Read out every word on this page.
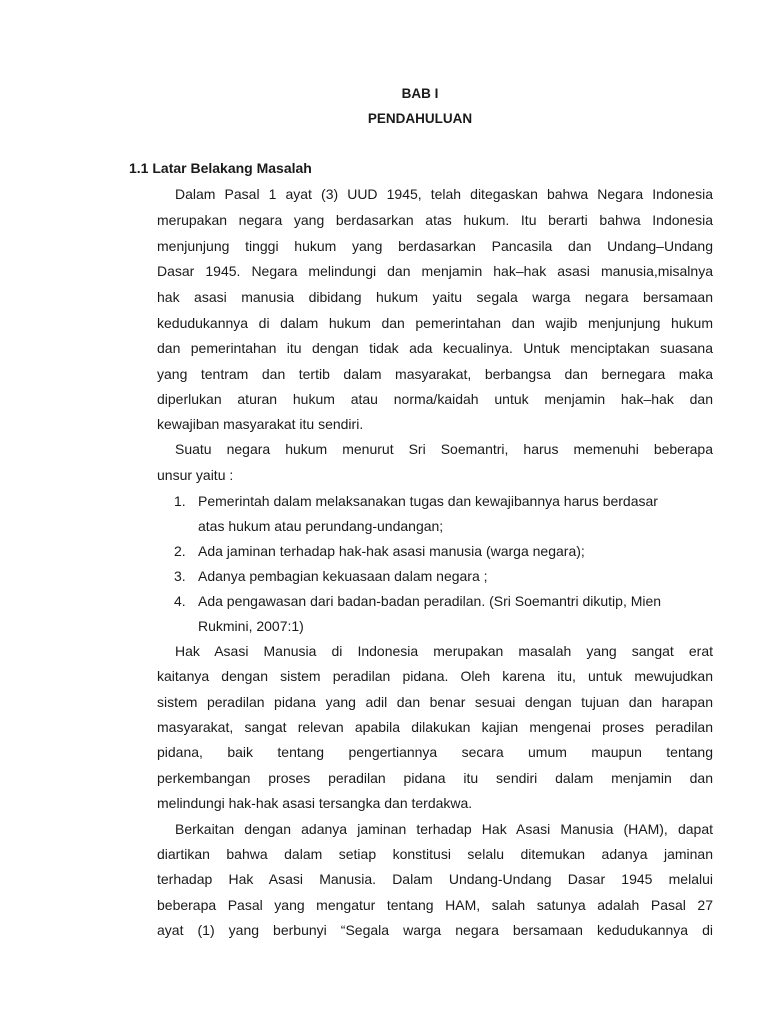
BAB I
PENDAHULUAN
1.1 Latar Belakang Masalah
Dalam Pasal 1 ayat (3) UUD 1945, telah ditegaskan bahwa Negara Indonesia
merupakan negara yang berdasarkan atas hukum. Itu berarti bahwa Indonesia
menjunjung tinggi hukum yang berdasarkan Pancasila dan Undang–Undang
Dasar 1945. Negara melindungi dan menjamin hak–hak asasi manusia,misalnya
hak asasi manusia dibidang hukum yaitu segala warga negara bersamaan
kedudukannya di dalam hukum dan pemerintahan dan wajib menjunjung hukum
dan pemerintahan itu dengan tidak ada kecualinya. Untuk menciptakan suasana
yang tentram dan tertib dalam masyarakat, berbangsa dan bernegara maka
diperlukan aturan hukum atau norma/kaidah untuk menjamin hak–hak dan
kewajiban masyarakat itu sendiri.
Suatu negara hukum menurut Sri Soemantri, harus memenuhi beberapa
unsur yaitu :
1. Pemerintah dalam melaksanakan tugas dan kewajibannya harus berdasar
atas hukum atau perundang-undangan;
2. Ada jaminan terhadap hak-hak asasi manusia (warga negara);
3. Adanya pembagian kekuasaan dalam negara ;
4. Ada pengawasan dari badan-badan peradilan. (Sri Soemantri dikutip, Mien
Rukmini, 2007:1)
Hak Asasi Manusia di Indonesia merupakan masalah yang sangat erat
kaitanya dengan sistem peradilan pidana. Oleh karena itu, untuk mewujudkan
sistem peradilan pidana yang adil dan benar sesuai dengan tujuan dan harapan
masyarakat, sangat relevan apabila dilakukan kajian mengenai proses peradilan
pidana, baik tentang pengertiannya secara umum maupun tentang
perkembangan proses peradilan pidana itu sendiri dalam menjamin dan
melindungi hak-hak asasi tersangka dan terdakwa.
Berkaitan dengan adanya jaminan terhadap Hak Asasi Manusia (HAM), dapat
diartikan bahwa dalam setiap konstitusi selalu ditemukan adanya jaminan
terhadap Hak Asasi Manusia. Dalam Undang-Undang Dasar 1945 melalui
beberapa Pasal yang mengatur tentang HAM, salah satunya adalah Pasal 27
ayat (1) yang berbunyi “Segala warga negara bersamaan kedudukannya di
